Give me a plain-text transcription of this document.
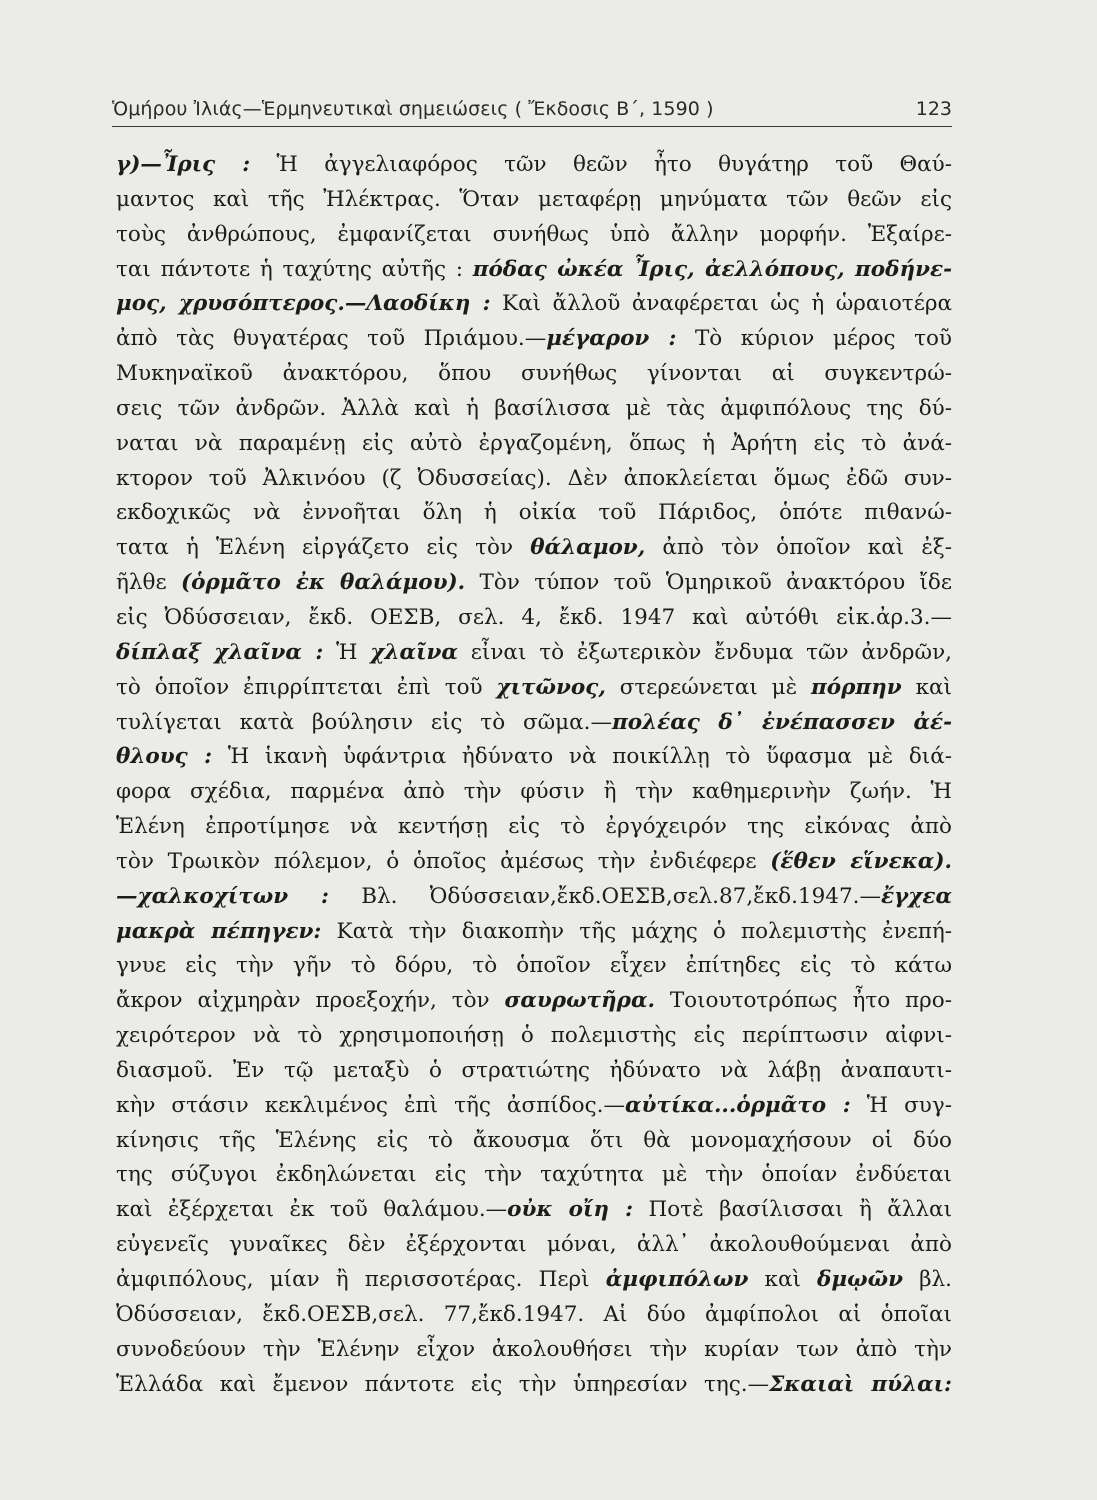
Ὁμήρου Ἰλιάς—Ἑρμηνευτικαὶ σημειώσεις ( Ἔκδοσις Β΄, 1590 )	123
γ)—Ἶρις : Ἡ ἀγγελιαφόρος τῶν θεῶν ἦτο θυγάτηρ τοῦ Θαύ-
μαντος καὶ τῆς Ἠλέκτρας. Ὅταν μεταφέρῃ μηνύματα τῶν θεῶν εἰς
τοὺς ἀνθρώπους, ἐμφανίζεται συνήθως ὑπὸ ἄλλην μορφήν. Ἐξαίρε-
ται πάντοτε ἡ ταχύτης αὐτῆς : πόδας ὠκέα Ἶρις, ἀελλόπους, ποδήνε-
μος, χρυσόπτερος.—Λαοδίκη : Καὶ ἄλλοῦ ἀναφέρεται ὡς ἡ ὡραιοτέρα
ἀπὸ τὰς θυγατέρας τοῦ Πριάμου.—μέγαρον : Τὸ κύριον μέρος τοῦ
Μυκηναϊκοῦ ἀνακτόρου, ὅπου συνήθως γίνονται αἱ συγκεντρώ-
σεις τῶν ἀνδρῶν. Ἀλλὰ καὶ ἡ βασίλισσα μὲ τὰς ἀμφιπόλους της δύ-
ναται νὰ παραμένῃ εἰς αὐτὸ ἐργαζομένη, ὅπως ἡ Ἀρήτη εἰς τὸ ἀνά-
κτορον τοῦ Ἀλκινόου (ζ Ὀδυσσείας). Δὲν ἀποκλείεται ὅμως ἐδῶ συν-
εκδοχικῶς νὰ ἐννοῆται ὅλη ἡ οἰκία τοῦ Πάριδος, ὁπότε πιθανώ-
τατα ἡ Ἑλένη εἰργάζετο εἰς τὸν θάλαμον, ἀπὸ τὸν ὁποῖον καὶ ἐξ-
ῆλθε (ὁρμᾶτο ἐκ θαλάμου). Τὸν τύπον τοῦ Ὁμηρικοῦ ἀνακτόρου ἴδε
εἰς Ὀδύσσειαν, ἔκδ. ΟΕΣΒ, σελ. 4, ἔκδ. 1947 καὶ αὐτόθι εἰκ.ἀρ.3.—
δίπλαξ χλαῖνα : Ἡ χλαῖνα εἶναι τὸ ἐξωτερικὸν ἔνδυμα τῶν ἀνδρῶν,
τὸ ὁποῖον ἐπιρρίπτεται ἐπὶ τοῦ χιτῶνος, στερεώνεται μὲ πόρπην καὶ
τυλίγεται κατὰ βούλησιν εἰς τὸ σῶμα.—πολέας δ᾽ ἐνέπασσεν ἀέ-
θλους : Ἡ ἱκανὴ ὑφάντρια ἠδύνατο νὰ ποικίλλῃ τὸ ὕφασμα μὲ διά-
φορα σχέδια, παρμένα ἀπὸ τὴν φύσιν ἢ τὴν καθημερινὴν ζωήν. Ἡ
Ἑλένη ἐπροτίμησε νὰ κεντήσῃ εἰς τὸ ἐργόχειρόν της εἰκόνας ἀπὸ
τὸν Τρωικὸν πόλεμον, ὁ ὁποῖος ἀμέσως τὴν ἐνδιέφερε (ἕθεν εἵνεκα).
—χαλκοχίτων : Βλ. Ὀδύσσειαν,ἔκδ.ΟΕΣΒ,σελ.87,ἔκδ.1947.—ἔγχεα
μακρὰ πέπηγεν: Κατὰ τὴν διακοπὴν τῆς μάχης ὁ πολεμιστὴς ἐνεπή-
γνυε εἰς τὴν γῆν τὸ δόρυ, τὸ ὁποῖον εἶχεν ἐπίτηδες εἰς τὸ κάτω
ἄκρον αἰχμηρὰν προεξοχήν, τὸν σαυρωτῆρα. Τοιουτοτρόπως ἦτο προ-
χειρότερον νὰ τὸ χρησιμοποιήσῃ ὁ πολεμιστὴς εἰς περίπτωσιν αἰφνι-
διασμοῦ. Ἐν τῷ μεταξὺ ὁ στρατιώτης ἠδύνατο νὰ λάβῃ ἀναπαυτι-
κὴν στάσιν κεκλιμένος ἐπὶ τῆς ἀσπίδος.—αὐτίκα...ὁρμᾶτο : Ἡ συγ-
κίνησις τῆς Ἑλένης εἰς τὸ ἄκουσμα ὅτι θὰ μονομαχήσουν οἱ δύο
της σύζυγοι ἐκδηλώνεται εἰς τὴν ταχύτητα μὲ τὴν ὁποίαν ἐνδύεται
καὶ ἐξέρχεται ἐκ τοῦ θαλάμου.—οὐκ οἴη : Ποτὲ βασίλισσαι ἢ ἄλλαι
εὐγενεῖς γυναῖκες δὲν ἐξέρχονται μόναι, ἀλλ᾽ ἀκολουθούμεναι ἀπὸ
ἀμφιπόλους, μίαν ἢ περισσοτέρας. Περὶ ἀμφιπόλων καὶ δμῳῶν βλ.
Ὀδύσσειαν, ἔκδ.ΟΕΣΒ,σελ. 77,ἔκδ.1947. Αἱ δύο ἀμφίπολοι αἱ ὁποῖαι
συνοδεύουν τὴν Ἑλένην εἶχον ἀκολουθήσει τὴν κυρίαν των ἀπὸ τὴν
Ἑλλάδα καὶ ἔμενον πάντοτε εἰς τὴν ὑπηρεσίαν της.—Σκαιαὶ πύλαι:
